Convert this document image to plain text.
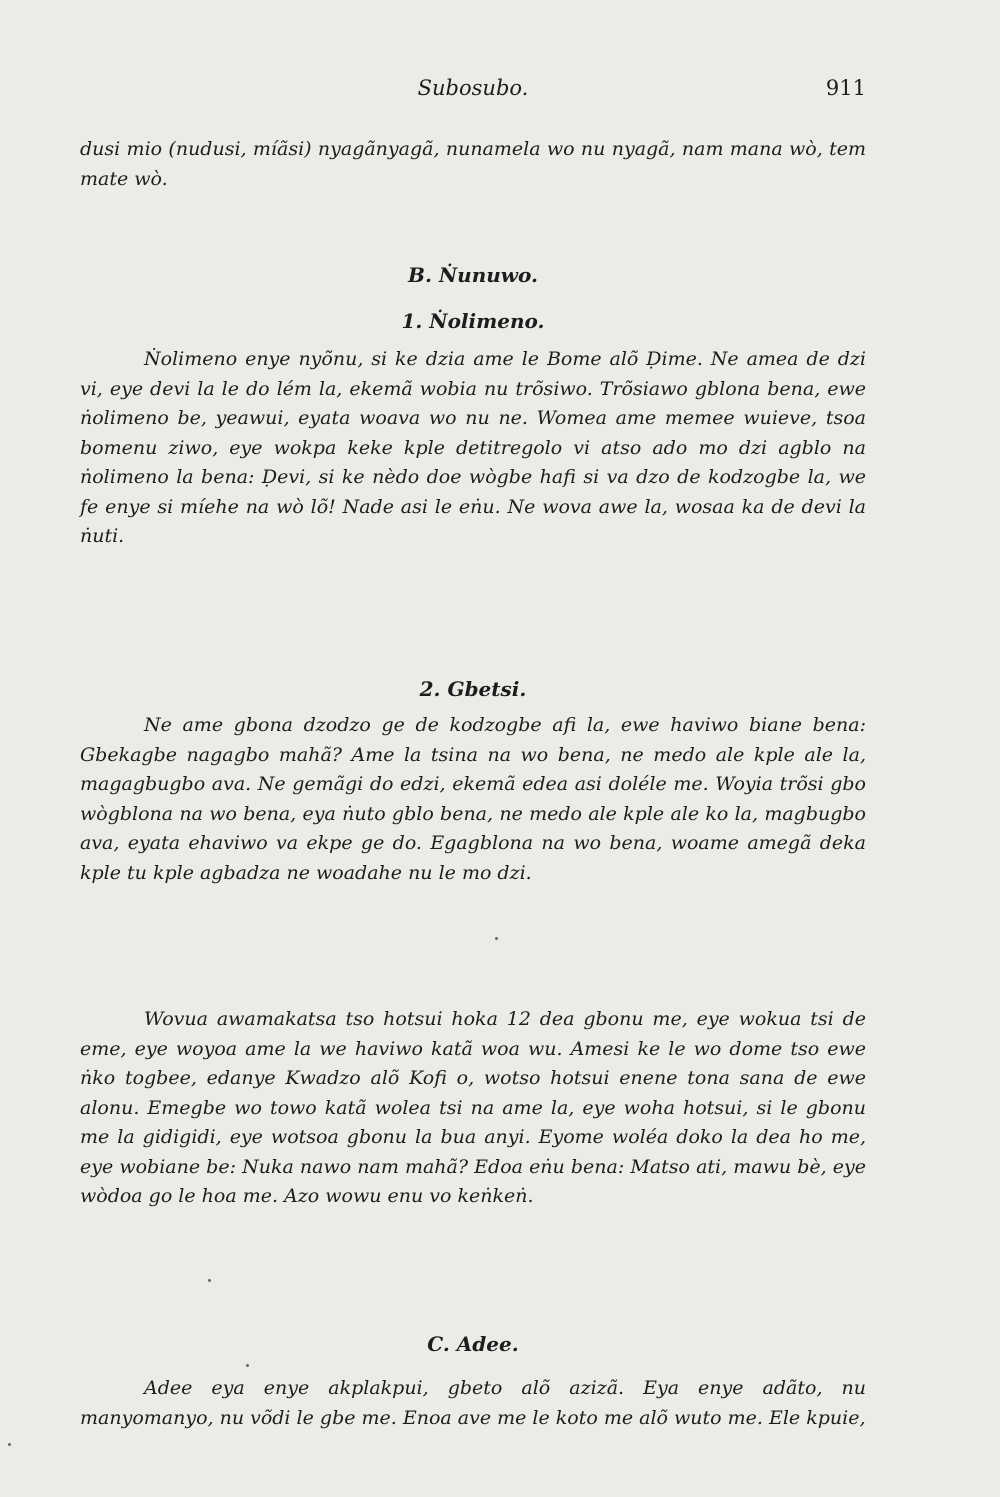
Subosubo.	911

dusi mio (nudusi, míãsi) nyagãnyagã, nunamela wo nu nyagã, nam mana wò, tem mate wò.

B. Ṅunuwo.
1. Ṅolimeno.

Ṅolimeno enye nyõnu, si ke dzia ame le Bome alõ Ḍime. Ne amea de dzi vi, eye devi la le do lém la, ekemã wobia nu trõsiwo. Trõsiawo gblona bena, ewe ṅolimeno be, yeawui, eyata woava wo nu ne. Womea ame memee wuieve, tsoa bomenu ziwo, eye wokpa keke kple detitregolo vi atso ado mo dzi agblo na ṅolimeno la bena: Ḍevi, si ke nèdo doe wògbe hafi si va dzo de kodzogbe la, we fe enye si míehe na wò lõ! Nade asi le eṅu. Ne wova awe la, wosaa ka de devi la ṅuti.

2. Gbetsi.

Ne ame gbona dzodzo ge de kodzogbe afi la, ewe haviwo biane bena: Gbekagbe nagagbo mahã? Ame la tsina na wo bena, ne medo ale kple ale la, magagbugbo ava. Ne gemãgi do edzi, ekemã edea asi doléle me. Woyia trõsi gbo wògblona na wo bena, eya ṅuto gblo bena, ne medo ale kple ale ko la, magbugbo ava, eyata ehaviwo va ekpe ge do. Egagblona na wo bena, woame amegã deka kple tu kple agbadza ne woadahe nu le mo dzi.

Wovua awamakatsa tso hotsui hoka 12 dea gbonu me, eye wokua tsi de eme, eye woyoa ame la we haviwo katã woa wu. Amesi ke le wo dome tso ewe ṅko togbee, edanye Kwadzo alõ Kofi o, wotso hotsui enene tona sana de ewe alonu. Emegbe wo towo katã wolea tsi na ame la, eye woha hotsui, si le gbonu me la gidigidi, eye wotsoa gbonu la bua anyi. Eyome woléa doko la dea ho me, eye wobiane be: Nuka nawo nam mahã? Edoa eṅu bena: Matso ati, mawu bè, eye wòdoa go le hoa me. Azo wowu enu vo keṅkeṅ.

C. Adee.

Adee eya enye akplakpui, gbeto alõ azizã. Eya enye adãto, nu manyomanyo, nu võdi le gbe me. Enoa ave me le koto me alõ wuto me. Ele kpuie,
